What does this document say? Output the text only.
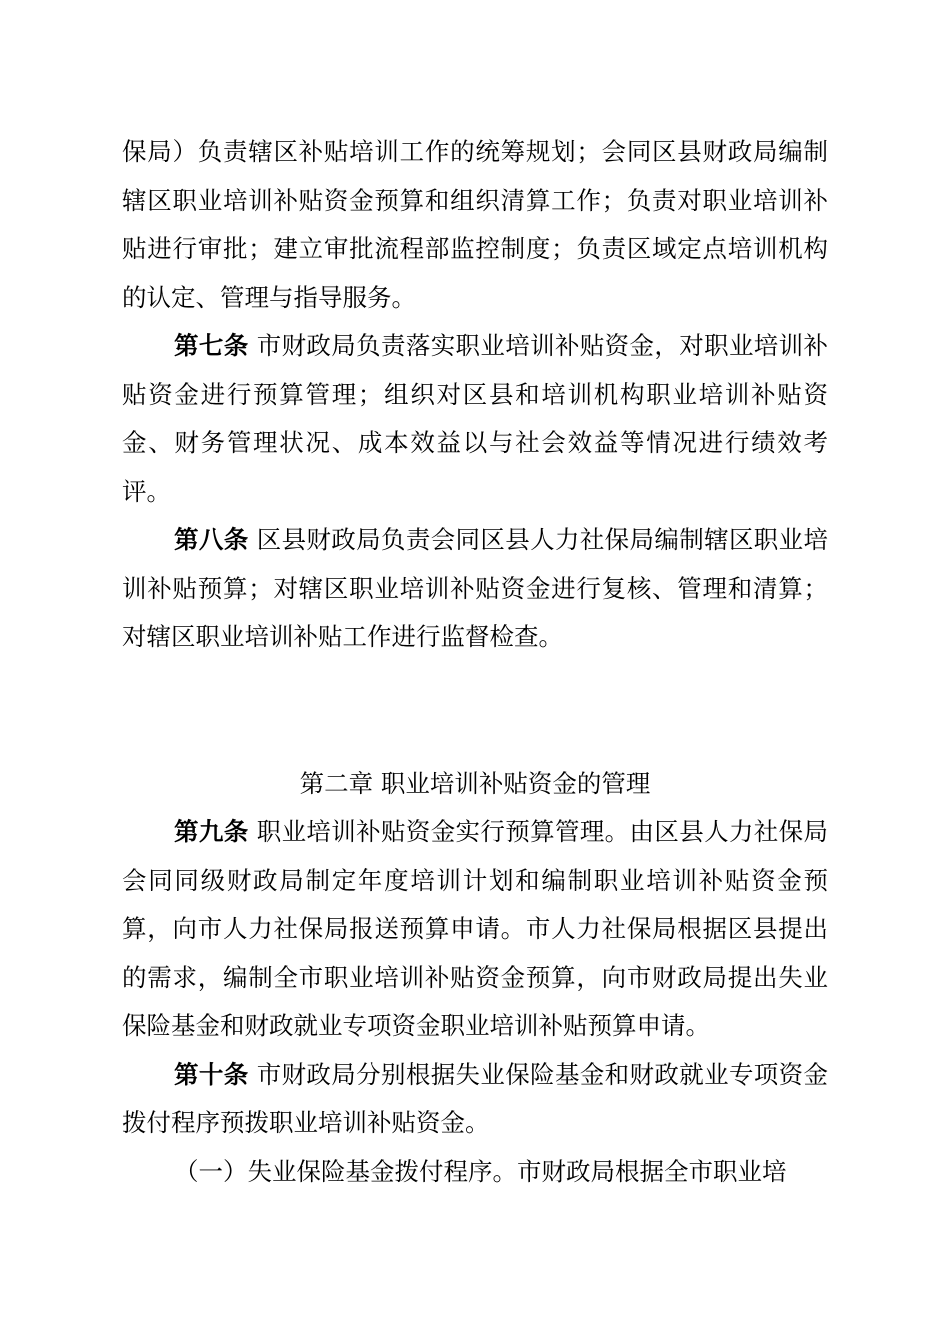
保局）负责辖区补贴培训工作的统筹规划；会同区县财政局编制辖区职业培训补贴资金预算和组织清算工作；负责对职业培训补贴进行审批；建立审批流程部监控制度；负责区域定点培训机构的认定、管理与指导服务。

第七条 市财政局负责落实职业培训补贴资金，对职业培训补贴资金进行预算管理；组织对区县和培训机构职业培训补贴资金、财务管理状况、成本效益以与社会效益等情况进行绩效考评。

第八条 区县财政局负责会同区县人力社保局编制辖区职业培训补贴预算；对辖区职业培训补贴资金进行复核、管理和清算；对辖区职业培训补贴工作进行监督检查。

第二章 职业培训补贴资金的管理

第九条 职业培训补贴资金实行预算管理。由区县人力社保局会同同级财政局制定年度培训计划和编制职业培训补贴资金预算，向市人力社保局报送预算申请。市人力社保局根据区县提出的需求，编制全市职业培训补贴资金预算，向市财政局提出失业保险基金和财政就业专项资金职业培训补贴预算申请。

第十条 市财政局分别根据失业保险基金和财政就业专项资金拨付程序预拨职业培训补贴资金。

（一）失业保险基金拨付程序。市财政局根据全市职业培
